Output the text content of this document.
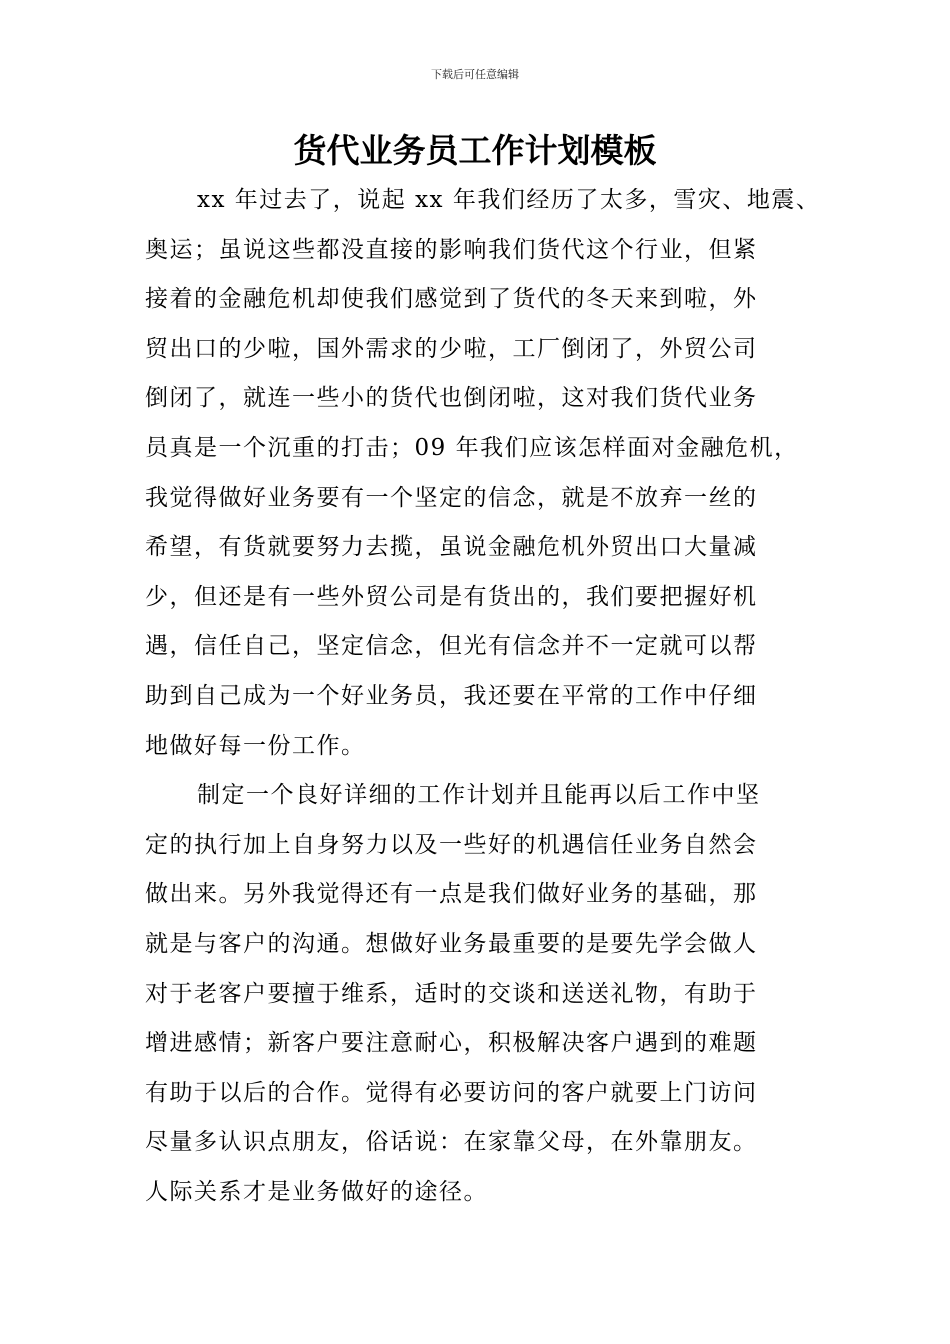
下载后可任意编辑
货代业务员工作计划模板
xx 年过去了，说起 xx 年我们经历了太多，雪灾、地震、
奥运；虽说这些都没直接的影响我们货代这个行业，但紧
接着的金融危机却使我们感觉到了货代的冬天来到啦，外
贸出口的少啦，国外需求的少啦，工厂倒闭了，外贸公司
倒闭了，就连一些小的货代也倒闭啦，这对我们货代业务
员真是一个沉重的打击；09 年我们应该怎样面对金融危机，
我觉得做好业务要有一个坚定的信念，就是不放弃一丝的
希望，有货就要努力去揽，虽说金融危机外贸出口大量减
少，但还是有一些外贸公司是有货出的，我们要把握好机
遇，信任自己，坚定信念，但光有信念并不一定就可以帮
助到自己成为一个好业务员，我还要在平常的工作中仔细
地做好每一份工作。
制定一个良好详细的工作计划并且能再以后工作中坚
定的执行加上自身努力以及一些好的机遇信任业务自然会
做出来。另外我觉得还有一点是我们做好业务的基础，那
就是与客户的沟通。想做好业务最重要的是要先学会做人
对于老客户要擅于维系，适时的交谈和送送礼物，有助于
增进感情；新客户要注意耐心，积极解决客户遇到的难题
有助于以后的合作。觉得有必要访问的客户就要上门访问
尽量多认识点朋友，俗话说：在家靠父母，在外靠朋友。
人际关系才是业务做好的途径。
